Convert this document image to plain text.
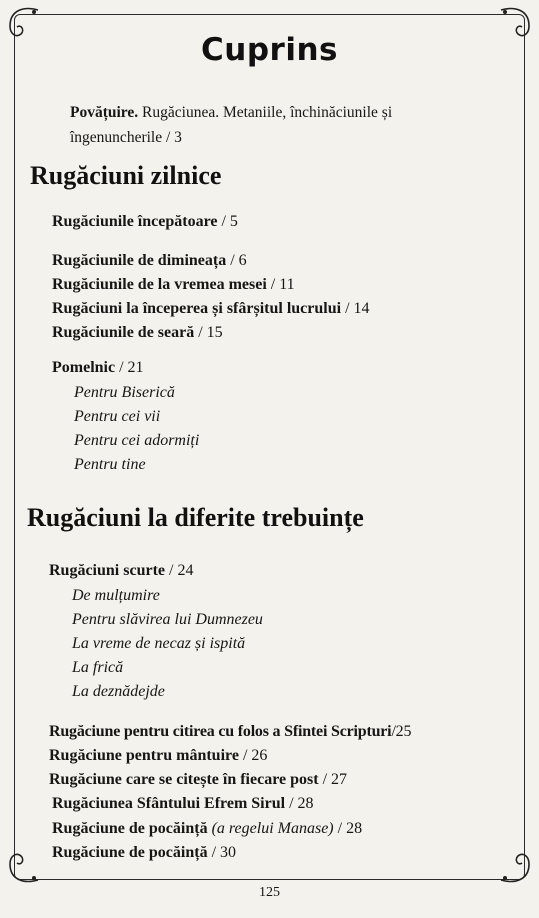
Cuprins
Povățuire. Rugăciunea. Metaniile, închinăciunile și îngenuncherile / 3
Rugăciuni zilnice
Rugăciunile începătoare / 5
Rugăciunile de dimineața / 6
Rugăciunile de la vremea mesei / 11
Rugăciuni la începerea și sfârșitul lucrului / 14
Rugăciunile de seară / 15
Pomelnic / 21
Pentru Biserică
Pentru cei vii
Pentru cei adormiți
Pentru tine
Rugăciuni la diferite trebuințe
Rugăciuni scurte / 24
De mulțumire
Pentru slăvirea lui Dumnezeu
La vreme de necaz și ispită
La frică
La deznădejde
Rugăciune pentru citirea cu folos a Sfintei Scripturi/25
Rugăciune pentru mântuire / 26
Rugăciune care se citește în fiecare post / 27
Rugăciunea Sfântului Efrem Sirul / 28
Rugăciune de pocăință (a regelui Manase) / 28
Rugăciune de pocăință / 30
125
